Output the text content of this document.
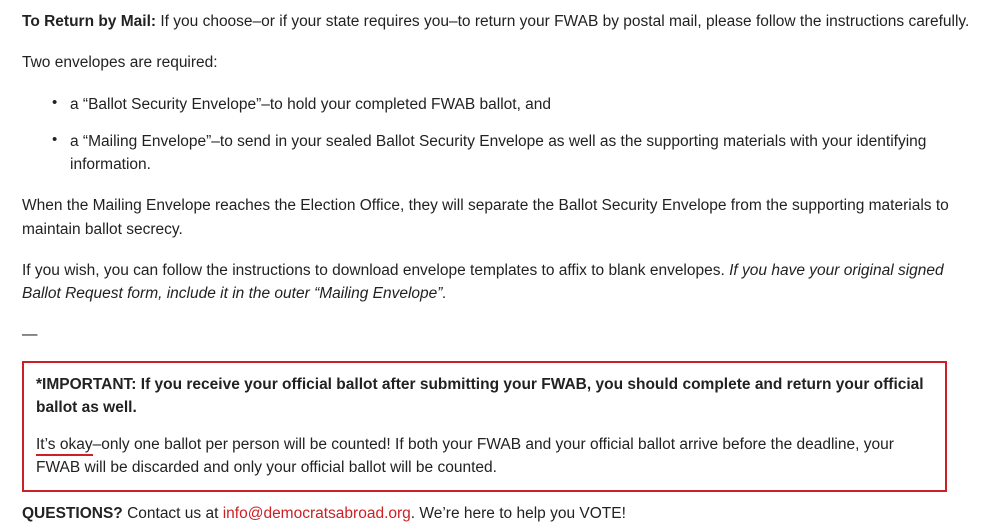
To Return by Mail: If you choose–or if your state requires you–to return your FWAB by postal mail, please follow the instructions carefully.

Two envelopes are required:

• a “Ballot Security Envelope”–to hold your completed FWAB ballot, and
• a “Mailing Envelope”–to send in your sealed Ballot Security Envelope as well as the supporting materials with your identifying information.

When the Mailing Envelope reaches the Election Office, they will separate the Ballot Security Envelope from the supporting materials to maintain ballot secrecy.

If you wish, you can follow the instructions to download envelope templates to affix to blank envelopes. If you have your original signed Ballot Request form, include it in the outer “Mailing Envelope”.

—

*IMPORTANT: If you receive your official ballot after submitting your FWAB, you should complete and return your official ballot as well.

It’s okay–only one ballot per person will be counted! If both your FWAB and your official ballot arrive before the deadline, your FWAB will be discarded and only your official ballot will be counted.

QUESTIONS? Contact us at info@democratsabroad.org. We’re here to help you VOTE!
